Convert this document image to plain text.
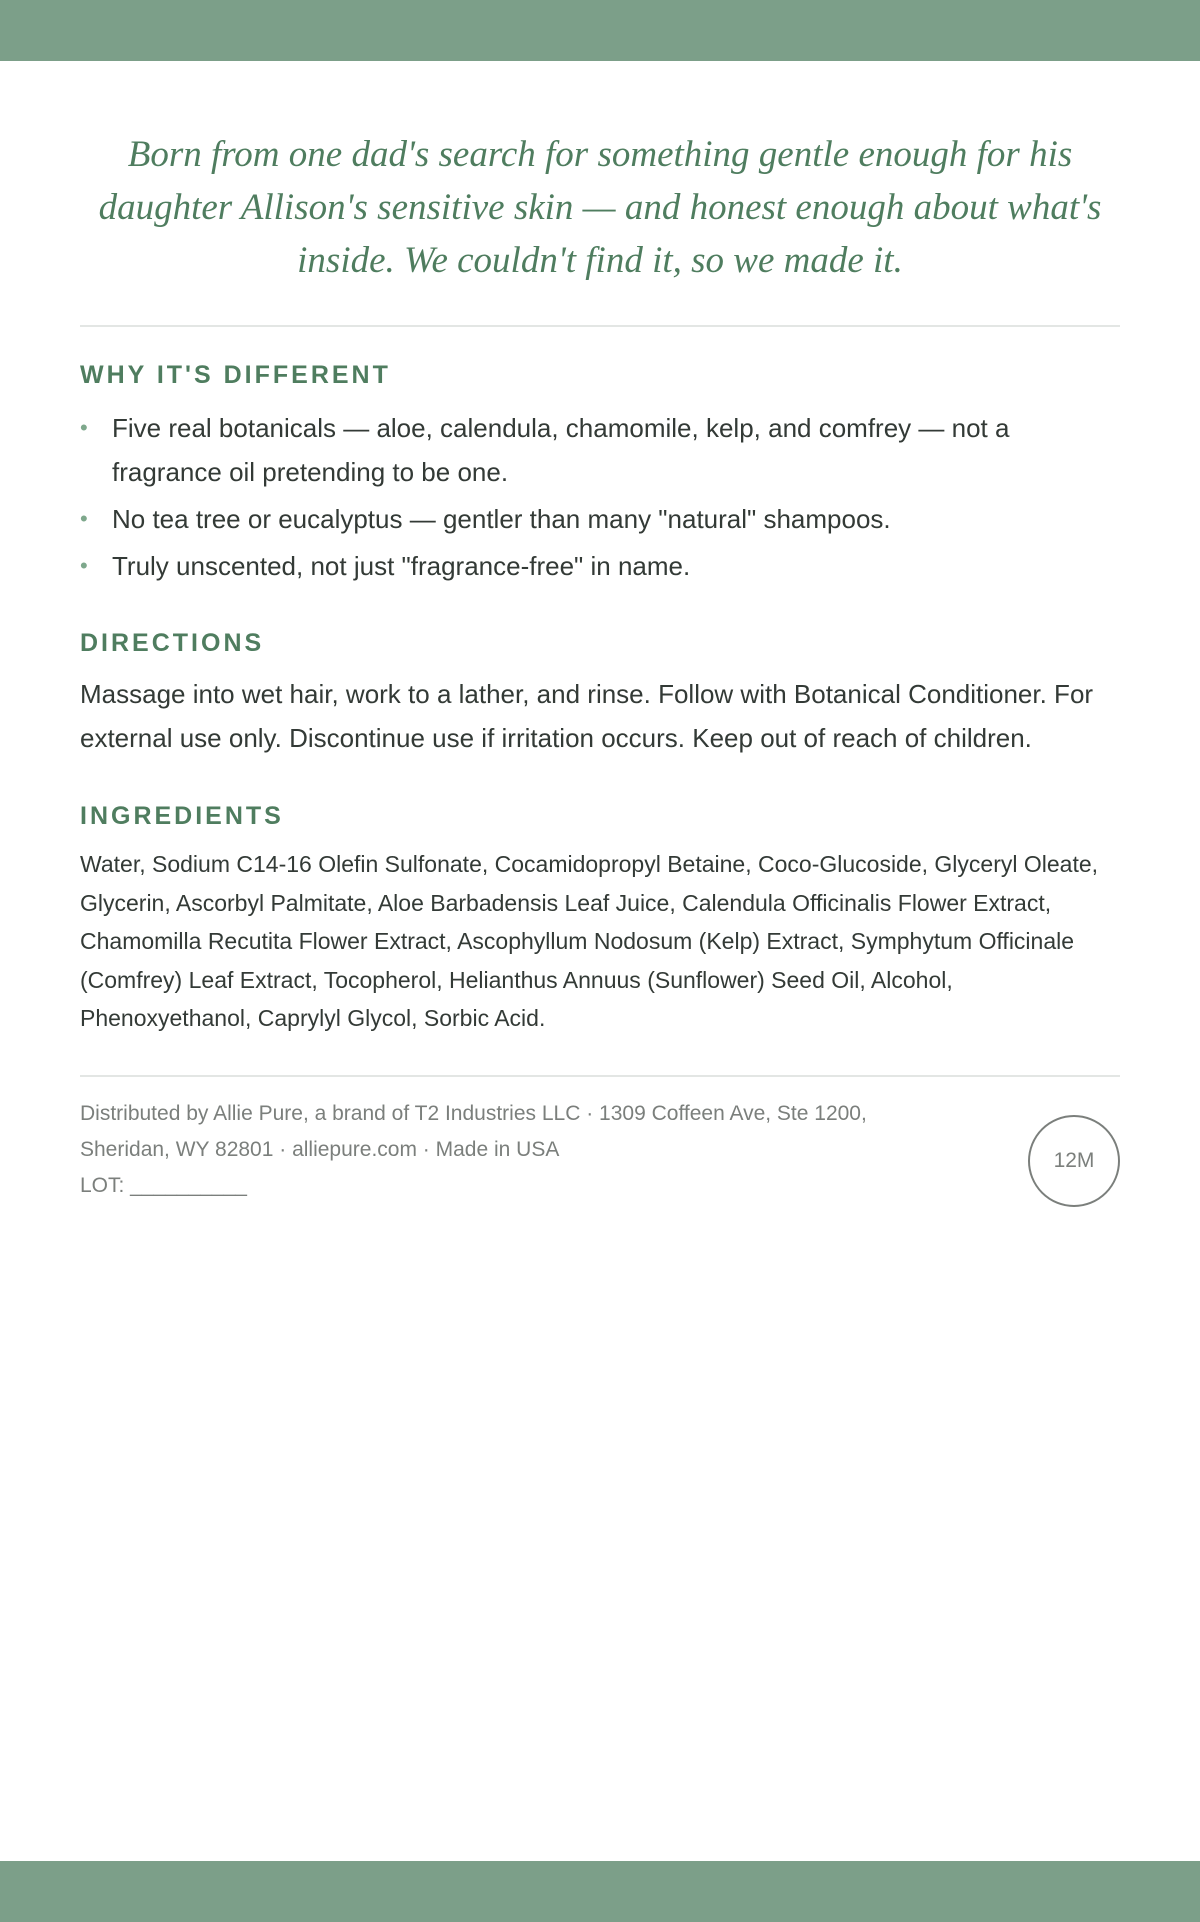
Born from one dad's search for something gentle enough for his daughter Allison's sensitive skin — and honest enough about what's inside. We couldn't find it, so we made it.

WHY IT'S DIFFERENT
• Five real botanicals — aloe, calendula, chamomile, kelp, and comfrey — not a fragrance oil pretending to be one.
• No tea tree or eucalyptus — gentler than many "natural" shampoos.
• Truly unscented, not just "fragrance-free" in name.
DIRECTIONS

Massage into wet hair, work to a lather, and rinse. Follow with Botanical Conditioner. For external use only. Discontinue use if irritation occurs. Keep out of reach of children.

INGREDIENTS

Water, Sodium C14-16 Olefin Sulfonate, Cocamidopropyl Betaine, Coco-Glucoside, Glyceryl Oleate, Glycerin, Ascorbyl Palmitate, Aloe Barbadensis Leaf Juice, Calendula Officinalis Flower Extract, Chamomilla Recutita Flower Extract, Ascophyllum Nodosum (Kelp) Extract, Symphytum Officinale (Comfrey) Leaf Extract, Tocopherol, Helianthus Annuus (Sunflower) Seed Oil, Alcohol, Phenoxyethanol, Caprylyl Glycol, Sorbic Acid.

Distributed by Allie Pure, a brand of T2 Industries LLC · 1309 Coffeen Ave, Ste 1200,
Sheridan, WY 82801 · alliepure.com · Made in USA
LOT: __________
12M
